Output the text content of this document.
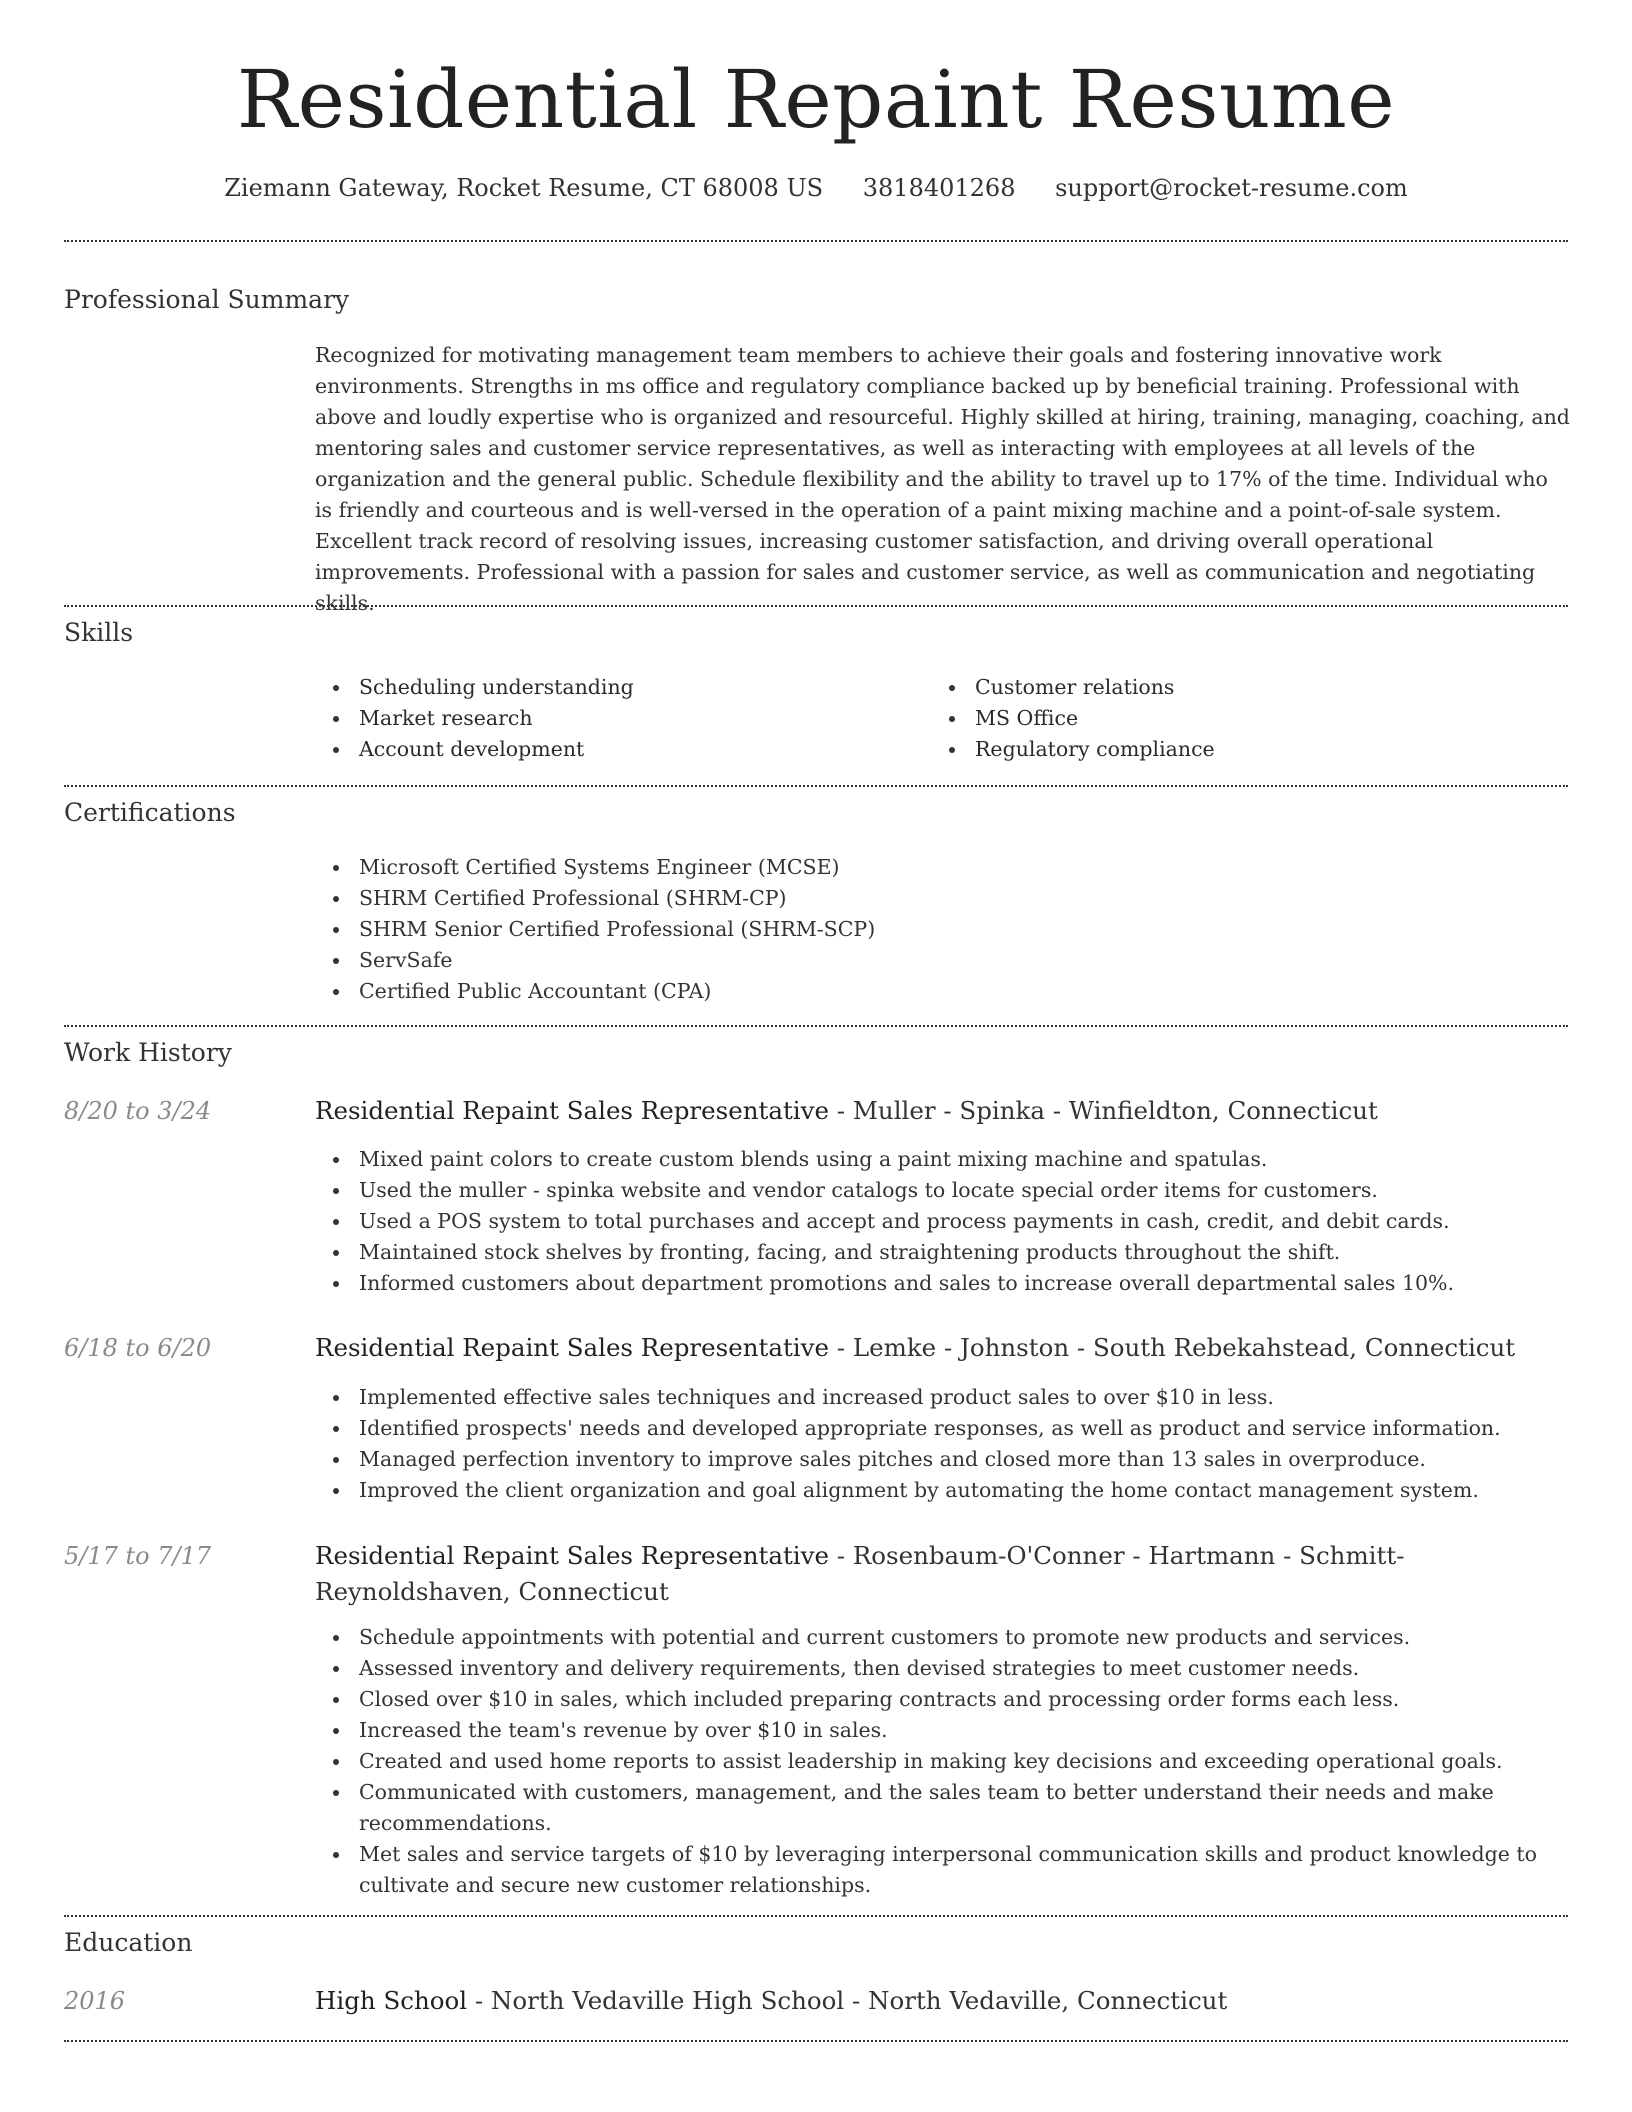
Residential Repaint Resume
Ziemann Gateway, Rocket Resume, CT 68008 US 3818401268 support@rocket-resume.com
Professional Summary

Recognized for motivating management team members to achieve their goals and fostering innovative work environments. Strengths in ms office and regulatory compliance backed up by beneficial training. Professional with above and loudly expertise who is organized and resourceful. Highly skilled at hiring, training, managing, coaching, and mentoring sales and customer service representatives, as well as interacting with employees at all levels of the organization and the general public. Schedule flexibility and the ability to travel up to 17% of the time. Individual who is friendly and courteous and is well-versed in the operation of a paint mixing machine and a point-of-sale system. Excellent track record of resolving issues, increasing customer satisfaction, and driving overall operational improvements. Professional with a passion for sales and customer service, as well as communication and negotiating skills.

Skills
Scheduling understanding
Market research
Account development
Customer relations
MS Office
Regulatory compliance
Certifications
Microsoft Certified Systems Engineer (MCSE)
SHRM Certified Professional (SHRM-CP)
SHRM Senior Certified Professional (SHRM-SCP)
ServSafe
Certified Public Accountant (CPA)
Work History
8/20 to 3/24	Residential Repaint Sales Representative - Muller - Spinka - Winfieldton, Connecticut
Mixed paint colors to create custom blends using a paint mixing machine and spatulas.
Used the muller - spinka website and vendor catalogs to locate special order items for customers.
Used a POS system to total purchases and accept and process payments in cash, credit, and debit cards.
Maintained stock shelves by fronting, facing, and straightening products throughout the shift.
Informed customers about department promotions and sales to increase overall departmental sales 10%.
6/18 to 6/20	Residential Repaint Sales Representative - Lemke - Johnston - South Rebekahstead, Connecticut
Implemented effective sales techniques and increased product sales to over $10 in less.
Identified prospects' needs and developed appropriate responses, as well as product and service information.
Managed perfection inventory to improve sales pitches and closed more than 13 sales in overproduce.
Improved the client organization and goal alignment by automating the home contact management system.
5/17 to 7/17	Residential Repaint Sales Representative - Rosenbaum-O'Conner - Hartmann - Schmitt-Reynoldshaven, Connecticut
Schedule appointments with potential and current customers to promote new products and services.
Assessed inventory and delivery requirements, then devised strategies to meet customer needs.
Closed over $10 in sales, which included preparing contracts and processing order forms each less.
Increased the team's revenue by over $10 in sales.
Created and used home reports to assist leadership in making key decisions and exceeding operational goals.
Communicated with customers, management, and the sales team to better understand their needs and make recommendations.
Met sales and service targets of $10 by leveraging interpersonal communication skills and product knowledge to cultivate and secure new customer relationships.
Education
2016	High School - North Vedaville High School - North Vedaville, Connecticut
